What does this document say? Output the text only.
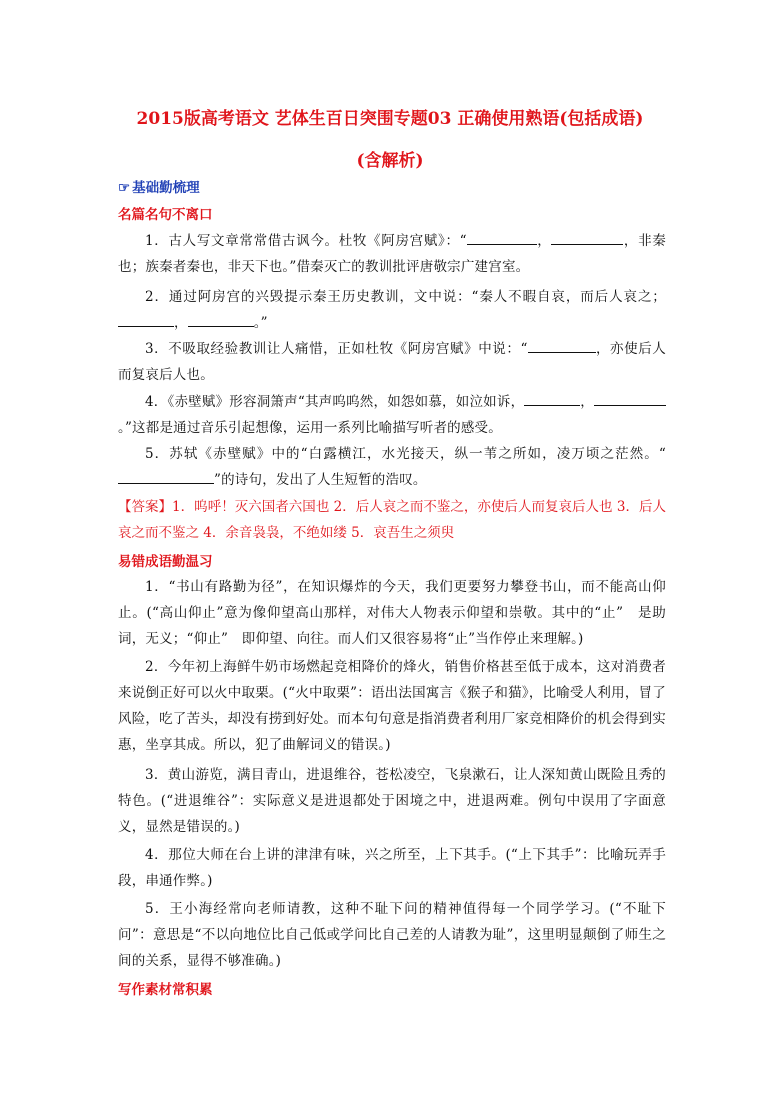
2015版高考语文 艺体生百日突围专题03 正确使用熟语(包括成语)
(含解析)
☞ 基础勤梳理
名篇名句不离口
1．古人写文章常常借古讽今。杜牧《阿房宫赋》：“	，	，非秦也；族秦者秦也，非天下也。”借秦灭亡的教训批评唐敬宗广建宫室。
2．通过阿房宫的兴毁提示秦王历史教训，文中说：“秦人不暇自哀，而后人哀之；，	。”
3．不吸取经验教训让人痛惜，正如杜牧《阿房宫赋》中说：“	，亦使后人而复哀后人也。
4．《赤壁赋》形容洞箫声“其声呜呜然，如怨如慕，如泣如诉，	，。”这都是通过音乐引起想像，运用一系列比喻描写听者的感受。
5．苏轼《赤壁赋》中的“白露横江，水光接天，纵一苇之所如，凌万顷之茫然。“”的诗句，发出了人生短暂的浩叹。
【答案】1．呜呼！灭六国者六国也 2．后人哀之而不鉴之，亦使后人而复哀后人也 3．后人哀之而不鉴之 4．余音袅袅，不绝如缕 5．哀吾生之须臾
易错成语勤温习
1．“书山有路勤为径”，在知识爆炸的今天，我们更要努力攀登书山，而不能高山仰止。(“高山仰止”意为像仰望高山那样，对伟大人物表示仰望和崇敬。其中的“止”　是助词，无义；“仰止”　即仰望、向往。而人们又很容易将“止”当作停止来理解。)
2．今年初上海鲜牛奶市场燃起竞相降价的烽火，销售价格甚至低于成本，这对消费者来说倒正好可以火中取栗。(“火中取栗”：语出法国寓言《猴子和猫》，比喻受人利用，冒了风险，吃了苦头，却没有捞到好处。而本句句意是指消费者利用厂家竞相降价的机会得到实惠，坐享其成。所以，犯了曲解词义的错误。)
3．黄山游览，满目青山，进退维谷，苍松凌空，飞泉漱石，让人深知黄山既险且秀的特色。(“进退维谷”：实际意义是进退都处于困境之中，进退两难。例句中误用了字面意义，显然是错误的。)
4．那位大师在台上讲的津津有味，兴之所至，上下其手。(“上下其手”：比喻玩弄手段，串通作弊。)
5．王小海经常向老师请教，这种不耻下问的精神值得每一个同学学习。(“不耻下问”：意思是“不以向地位比自己低或学问比自己差的人请教为耻”，这里明显颠倒了师生之间的关系，显得不够准确。)
写作素材常积累
